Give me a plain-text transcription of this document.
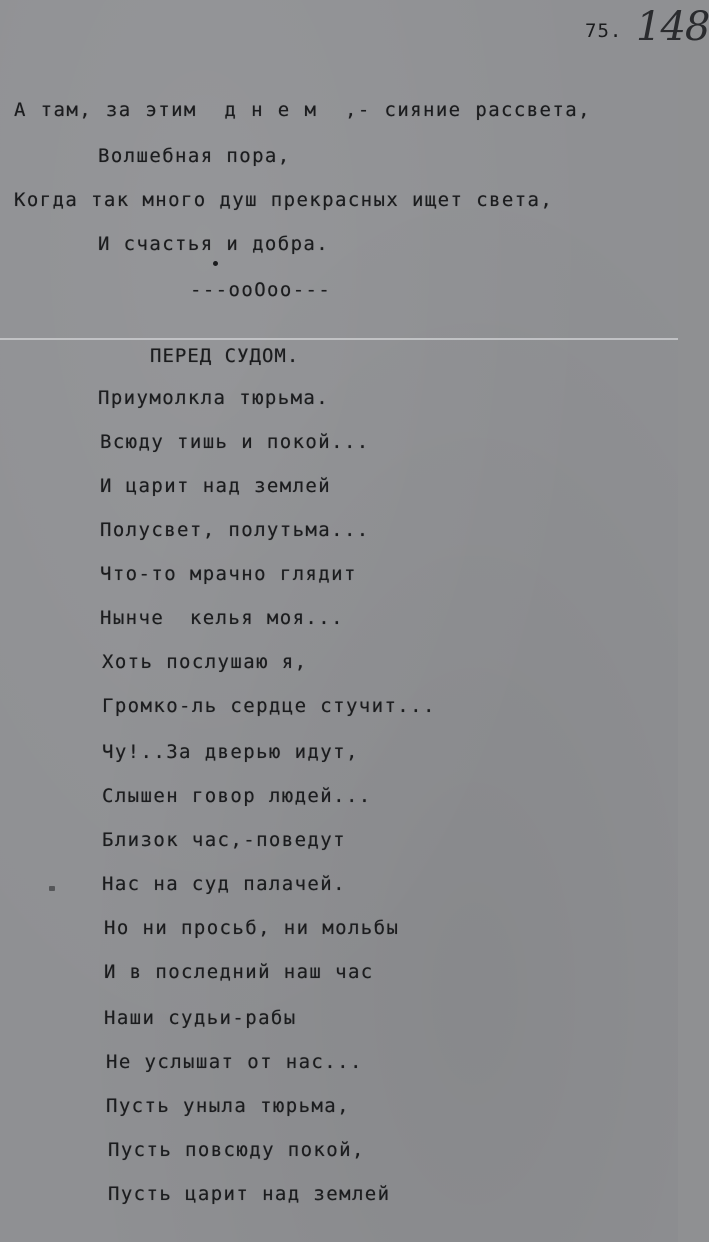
75. 148
А там, за этим  д н е м  ,- сияние рассвета,
Волшебная пора,
Когда так много душ прекрасных ищет света,
И счастья и добра.
---ooOoo---
ПЕРЕД СУДОМ.
Приумолкла тюрьма.
Всюду тишь и покой...
И царит над землей
Полусвет, полутьма...
Что-то мрачно глядит
Нынче  келья моя...
Хоть послушаю я,
Громко-ль сердце стучит...
Чу!..За дверью идут,
Слышен говор людей...
Близок час,-поведут
Нас на суд палачей.
Но ни просьб, ни мольбы
И в последний наш час
Наши судьи-рабы
Не услышат от нас...
Пусть уныла тюрьма,
Пусть повсюду покой,
Пусть царит над землей
